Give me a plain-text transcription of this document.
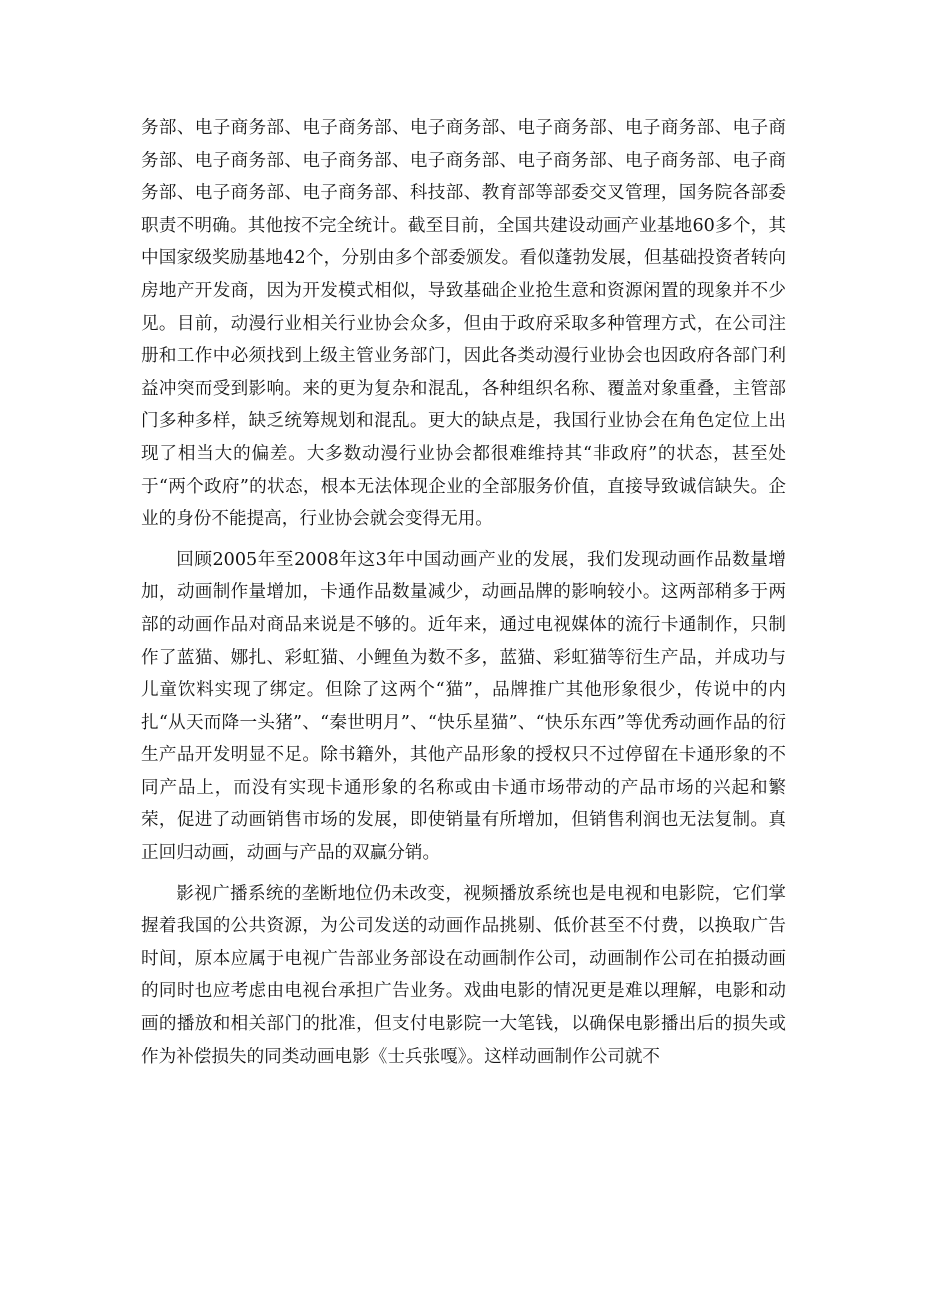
务部、电子商务部、电子商务部、电子商务部、电子商务部、电子商务部、电子商务部、电子商务部、电子商务部、电子商务部、电子商务部、电子商务部、电子商务部、电子商务部、电子商务部、科技部、教育部等部委交叉管理，国务院各部委职责不明确。其他按不完全统计。截至目前，全国共建设动画产业基地60多个，其中国家级奖励基地42个，分别由多个部委颁发。看似蓬勃发展，但基础投资者转向房地产开发商，因为开发模式相似，导致基础企业抢生意和资源闲置的现象并不少见。目前，动漫行业相关行业协会众多，但由于政府采取多种管理方式，在公司注册和工作中必须找到上级主管业务部门，因此各类动漫行业协会也因政府各部门利益冲突而受到影响。来的更为复杂和混乱，各种组织名称、覆盖对象重叠，主管部门多种多样，缺乏统筹规划和混乱。更大的缺点是，我国行业协会在角色定位上出现了相当大的偏差。大多数动漫行业协会都很难维持其“非政府”的状态，甚至处于“两个政府”的状态，根本无法体现企业的全部服务价值，直接导致诚信缺失。企业的身份不能提高，行业协会就会变得无用。

回顾2005年至2008年这3年中国动画产业的发展，我们发现动画作品数量增加，动画制作量增加，卡通作品数量减少，动画品牌的影响较小。这两部稍多于两部的动画作品对商品来说是不够的。近年来，通过电视媒体的流行卡通制作，只制作了蓝猫、娜扎、彩虹猫、小鲤鱼为数不多，蓝猫、彩虹猫等衍生产品，并成功与儿童饮料实现了绑定。但除了这两个“猫”，品牌推广其他形象很少，传说中的内扎“从天而降一头猪”、“秦世明月”、“快乐星猫”、“快乐东西”等优秀动画作品的衍生产品开发明显不足。除书籍外，其他产品形象的授权只不过停留在卡通形象的不同产品上，而没有实现卡通形象的名称或由卡通市场带动的产品市场的兴起和繁荣，促进了动画销售市场的发展，即使销量有所增加，但销售利润也无法复制。真正回归动画，动画与产品的双赢分销。

影视广播系统的垄断地位仍未改变，视频播放系统也是电视和电影院，它们掌握着我国的公共资源，为公司发送的动画作品挑剔、低价甚至不付费，以换取广告时间，原本应属于电视广告部业务部设在动画制作公司，动画制作公司在拍摄动画的同时也应考虑由电视台承担广告业务。戏曲电影的情况更是难以理解，电影和动画的播放和相关部门的批准，但支付电影院一大笔钱，以确保电影播出后的损失或作为补偿损失的同类动画电影《士兵张嘎》。这样动画制作公司就不
